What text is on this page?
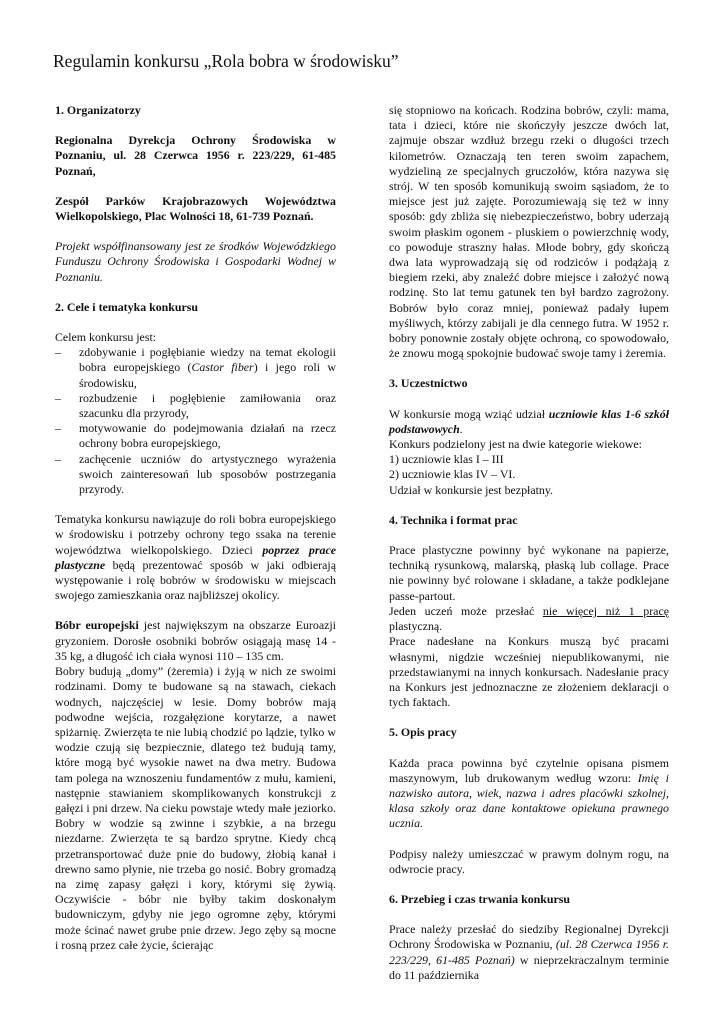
Regulamin konkursu „Rola bobra w środowisku”

1. Organizatorzy

Regionalna Dyrekcja Ochrony Środowiska w Poznaniu, ul. 28 Czerwca 1956 r. 223/229, 61-485 Poznań,

Zespół Parków Krajobrazowych Województwa Wielkopolskiego, Plac Wolności 18, 61-739 Poznań.

Projekt współfinansowany jest ze środków Wojewódzkiego Funduszu Ochrony Środowiska i Gospodarki Wodnej w Poznaniu.

2. Cele i tematyka konkursu

Celem konkursu jest:

– zdobywanie i pogłębianie wiedzy na temat ekologii bobra europejskiego (Castor fiber) i jego roli w środowisku,
– rozbudzenie i pogłębienie zamiłowania oraz szacunku dla przyrody,
– motywowanie do podejmowania działań na rzecz ochrony bobra europejskiego,
– zachęcenie uczniów do artystycznego wyrażenia swoich zainteresowań lub sposobów postrzegania przyrody.

Tematyka konkursu nawiązuje do roli bobra europejskiego w środowisku i potrzeby ochrony tego ssaka na terenie województwa wielkopolskiego. Dzieci poprzez prace plastyczne będą prezentować sposób w jaki odbierają występowanie i rolę bobrów w środowisku w miejscach swojego zamieszkania oraz najbliższej okolicy.

Bóbr europejski jest największym na obszarze Euroazji gryzoniem. Dorosłe osobniki bobrów osiągają masę 14 - 35 kg, a długość ich ciała wynosi 110 – 135 cm.

Bobry budują „domy” (żeremia) i żyją w nich ze swoimi rodzinami. Domy te budowane są na stawach, ciekach wodnych, najczęściej w lesie. Domy bobrów mają podwodne wejścia, rozgałęzione korytarze, a nawet spiżarnię. Zwierzęta te nie lubią chodzić po lądzie, tylko w wodzie czują się bezpiecznie, dlatego też budują tamy, które mogą być wysokie nawet na dwa metry. Budowa tam polega na wznoszeniu fundamentów z mułu, kamieni, następnie stawianiem skomplikowanych konstrukcji z gałęzi i pni drzew. Na cieku powstaje wtedy małe jeziorko. Bobry w wodzie są zwinne i szybkie, a na brzegu niezdarne. Zwierzęta te są bardzo sprytne. Kiedy chcą przetransportować duże pnie do budowy, żłobią kanał i drewno samo płynie, nie trzeba go nosić. Bobry gromadzą na zimę zapasy gałęzi i kory, którymi się żywią. Oczywiście - bóbr nie byłby takim doskonałym budowniczym, gdyby nie jego ogromne zęby, którymi może ścinać nawet grube pnie drzew. Jego zęby są mocne i rosną przez całe życie, ścierając

się stopniowo na końcach. Rodzina bobrów, czyli: mama, tata i dzieci, które nie skończyły jeszcze dwóch lat, zajmuje obszar wzdłuż brzegu rzeki o długości trzech kilometrów. Oznaczają ten teren swoim zapachem, wydzieliną ze specjalnych gruczołów, która nazywa się strój. W ten sposób komunikują swoim sąsiadom, że to miejsce jest już zajęte. Porozumiewają się też w inny sposób: gdy zbliża się niebezpieczeństwo, bobry uderzają swoim płaskim ogonem - pluskiem o powierzchnię wody, co powoduje straszny hałas. Młode bobry, gdy skończą dwa lata wyprowadzają się od rodziców i podążają z biegiem rzeki, aby znaleźć dobre miejsce i założyć nową rodzinę. Sto lat temu gatunek ten był bardzo zagrożony. Bobrów było coraz mniej, ponieważ padały łupem myśliwych, którzy zabijali je dla cennego futra. W 1952 r. bobry ponownie zostały objęte ochroną, co spowodowało, że znowu mogą spokojnie budować swoje tamy i żeremia.

3. Uczestnictwo

W konkursie mogą wziąć udział uczniowie klas 1-6 szkół podstawowych.

Konkurs podzielony jest na dwie kategorie wiekowe:

1) uczniowie klas I – III

2) uczniowie klas IV – VI.

Udział w konkursie jest bezpłatny.

4. Technika i format prac

Prace plastyczne powinny być wykonane na papierze, techniką rysunkową, malarską, płaską lub collage. Prace nie powinny być rolowane i składane, a także podklejane passe-partout.

Jeden uczeń może przesłać nie więcej niż 1 pracę plastyczną.

Prace nadesłane na Konkurs muszą być pracami własnymi, nigdzie wcześniej niepublikowanymi, nie przedstawianymi na innych konkursach. Nadesłanie pracy na Konkurs jest jednoznaczne ze złożeniem deklaracji o tych faktach.

5. Opis pracy

Każda praca powinna być czytelnie opisana pismem maszynowym, lub drukowanym według wzoru: Imię i nazwisko autora, wiek, nazwa i adres placówki szkolnej, klasa szkoły oraz dane kontaktowe opiekuna prawnego ucznia.

Podpisy należy umieszczać w prawym dolnym rogu, na odwrocie pracy.

6. Przebieg i czas trwania konkursu

Prace należy przesłać do siedziby Regionalnej Dyrekcji Ochrony Środowiska w Poznaniu, (ul. 28 Czerwca 1956 r. 223/229, 61-485 Poznań) w nieprzekraczalnym terminie do 11 października
